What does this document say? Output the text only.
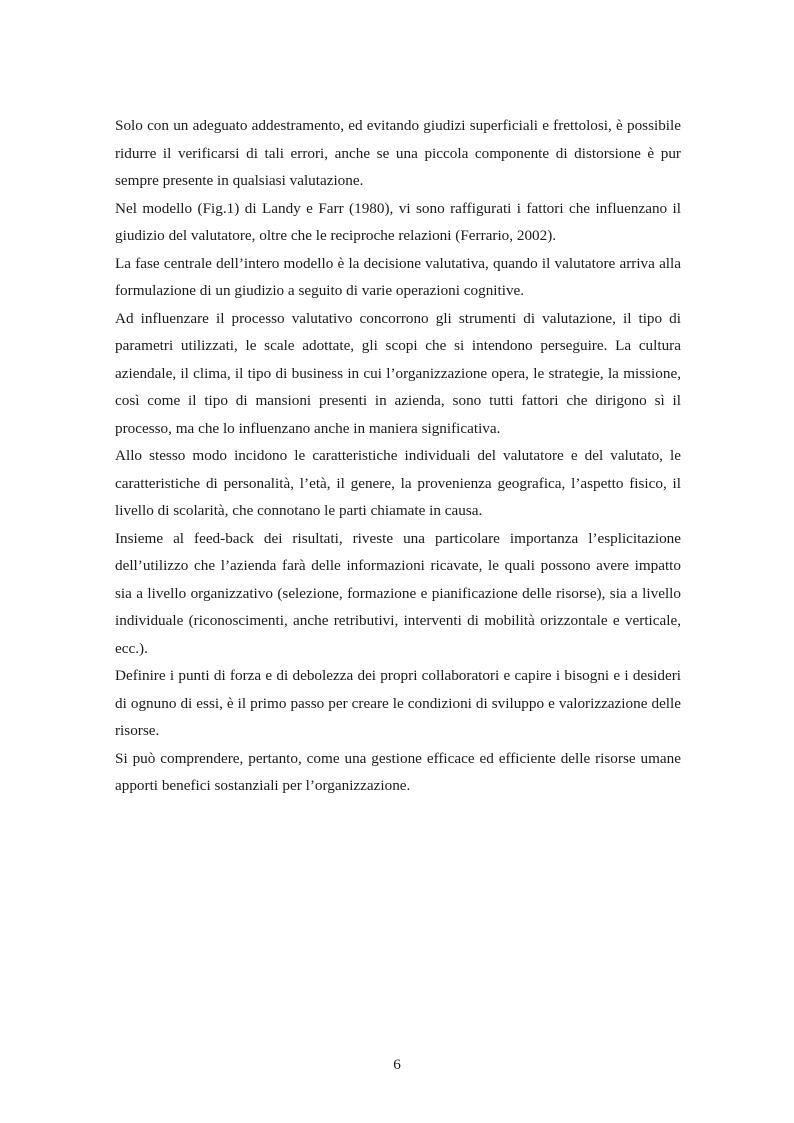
Solo con un adeguato addestramento, ed evitando giudizi superficiali e frettolosi, è possibile ridurre il verificarsi di tali errori, anche se una piccola componente di distorsione è pur sempre presente in qualsiasi valutazione.

Nel modello (Fig.1) di Landy e Farr (1980), vi sono raffigurati i fattori che influenzano il giudizio del valutatore, oltre che le reciproche relazioni (Ferrario, 2002).

La fase centrale dell’intero modello è la decisione valutativa, quando il valutatore arriva alla formulazione di un giudizio a seguito di varie operazioni cognitive.

Ad influenzare il processo valutativo concorrono gli strumenti di valutazione, il tipo di parametri utilizzati, le scale adottate, gli scopi che si intendono perseguire. La cultura aziendale, il clima, il tipo di business in cui l’organizzazione opera, le strategie, la missione, così come il tipo di mansioni presenti in azienda, sono tutti fattori che dirigono sì il processo, ma che lo influenzano anche in maniera significativa.

Allo stesso modo incidono le caratteristiche individuali del valutatore e del valutato, le caratteristiche di personalità, l’età, il genere, la provenienza geografica, l’aspetto fisico, il livello di scolarità, che connotano le parti chiamate in causa.

Insieme al feed-back dei risultati, riveste una particolare importanza l’esplicitazione dell’utilizzo che l’azienda farà delle informazioni ricavate, le quali possono avere impatto sia a livello organizzativo (selezione, formazione e pianificazione delle risorse), sia a livello individuale (riconoscimenti, anche retributivi, interventi di mobilità orizzontale e verticale, ecc.).

Definire i punti di forza e di debolezza dei propri collaboratori e capire i bisogni e i desideri di ognuno di essi, è il primo passo per creare le condizioni di sviluppo e valorizzazione delle risorse.

Si può comprendere, pertanto, come una gestione efficace ed efficiente delle risorse umane apporti benefici sostanziali per l’organizzazione.

6
